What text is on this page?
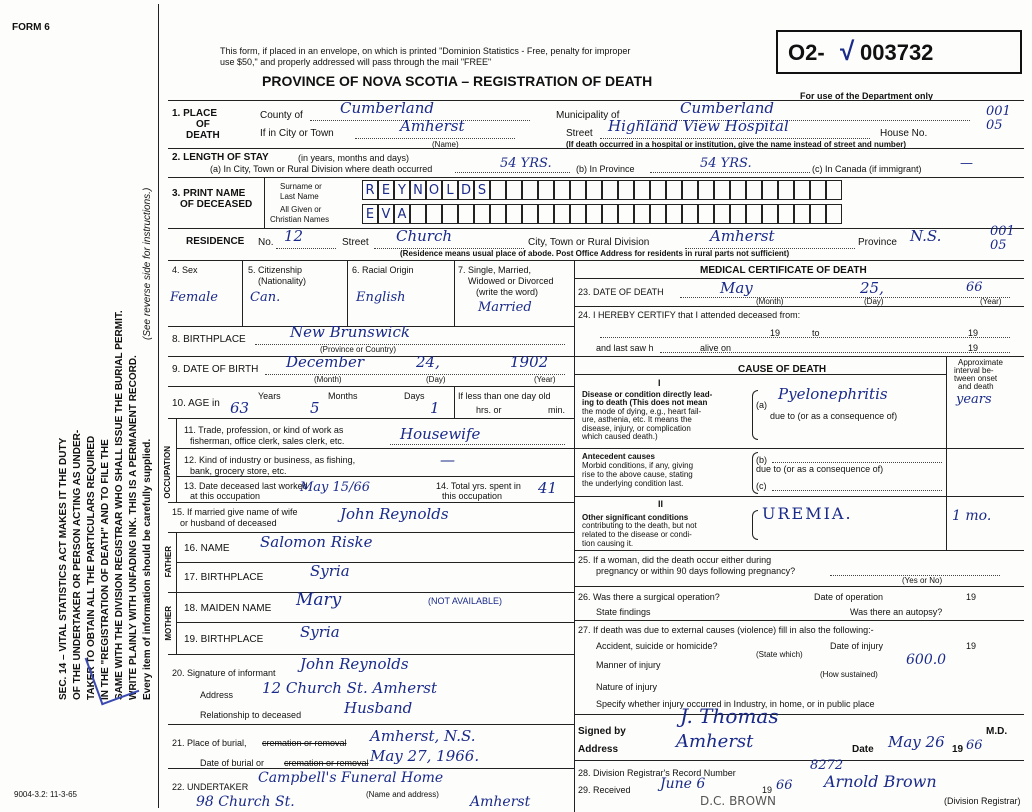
FORM 6
This form, if placed in an envelope, on which is printed "Dominion Statistics - Free, penalty for improper
use $50," and properly addressed will pass through the mail "FREE"
PROVINCE OF NOVA SCOTIA – REGISTRATION OF DEATH
O2- √ 003732
For use of the Department only
SEC. 14 – VITAL STATISTICS ACT MAKES IT THE DUTY OF THE UNDERTAKER OR PERSON ACTING AS UNDER- TAKER TO OBTAIN ALL THE PARTICULARS REQUIRED IN THE "REGISTRATION OF DEATH" AND TO FILE THE SAME WITH THE DIVISION REGISTRAR WHO SHALL ISSUE THE BURIAL PERMIT. WRITE PLAINLY WITH UNFADING INK. THIS IS A PERMANENT RECORD. Every item of information should be carefully supplied.
(See reverse side for instructions.)
1. PLACE
OF
DEATH
County of Cumberland	Municipality of	Cumberland	001
If in City or Town	Amherst
(Name)
Street Highland View Hospital	House No.
05
(If death occurred in a hospital or institution, give the name instead of street and number)
2. LENGTH OF STAY	(in years, months and days)
(a) In City, Town or Rural Division where death occurred	54 YRS.	(b) In Province	54 YRS.	(c) In Canada (if immigrant)	—
3. PRINT NAME
OF DECEASED
Surname or
Last Name
All Given or
Christian Names
R E Y N O L D S
E V A
RESIDENCE No. 12	Street Church	City, Town or Rural Division	Amherst	Province N.S.	001
05
(Residence means usual place of abode. Post Office Address for residents in rural parts not sufficient)
4. Sex
Female
5. Citizenship
(Nationality)
Can.
6. Racial Origin
English
7. Single, Married,
Widowed or Divorced
(write the word)
Married
8. BIRTHPLACE	New Brunswick
(Province or Country)
9. DATE OF BIRTH December	24,	1902
(Month)	(Day)	(Year)
10. AGE in
Years
63
Months
5
Days
1
If less than one day old
hrs. or	min.
OCCUPATION
11. Trade, profession, or kind of work as
fisherman, office clerk, sales clerk, etc.	Housewife
12. Kind of industry or business, as fishing,
bank, grocery store, etc.
—
13. Date deceased last worked
at this occupation
May 15/66	14. Total yrs. spent in
this occupation 41
15. If married give name of wife
or husband of deceased	John Reynolds
FATHER 16. NAME Salomon Riske
17. BIRTHPLACE	Syria
MOTHER 18. MAIDEN NAME Mary	(NOT AVAILABLE)
19. BIRTHPLACE Syria
20. Signature of informant John Reynolds
Address 12 Church St. Amherst
Relationship to deceased	Husband
21. Place of burial, cremation or removal Amherst, N.S.
Date of burial or cremation or removal May 27, 1966.
22. UNDERTAKER
Campbell's Funeral Home
(Name and address)
98 Church St.	Amherst
9004-3.2: 11-3-65
MEDICAL CERTIFICATE OF DEATH
23. DATE OF DEATH	May	25,	66
(Month)	(Day)	(Year)
24. I HEREBY CERTIFY that I attended deceased from:
19	to	19
and last saw h	alive on	19
CAUSE OF DEATH
Approximate
interval be-
tween onset
and death
I
Disease or condition directly lead-
ing to death (This does not mean
the mode of dying, e.g., heart fail-
ure, asthenia, etc. It means the
disease, injury, or complication
which caused death.)
(a)
Pyelonephritis	years
due to (or as a consequence of)
Antecedent causes
Morbid conditions, if any, giving
rise to the above cause, stating
the underlying condition last.
(b)
due to (or as a consequence of)
(c)
II
Other significant conditions
contributing to the death, but not
related to the disease or condi-
tion causing it.
UREMIA.	1 mo.
25. If a woman, did the death occur either during
pregnancy or within 90 days following pregnancy?
(Yes or No)
26. Was there a surgical operation?	Date of operation	19
State findings	Was there an autopsy?
27. If death was due to external causes (violence) fill in also the following:-
Accident, suicide or homicide?	Date of injury	19
(State which)
Manner of injury	600.0
(How sustained)
Nature of injury
Specify whether injury occurred in Industry, in home, or in public place
Signed by
J. Thomas
M.D.
Address	Amherst	Date May 26 19 66
28. Division Registrar's Record Number	8272
29. Received June 6	19 66 Arnold Brown
(Division Registrar)
D.C. BROWN
